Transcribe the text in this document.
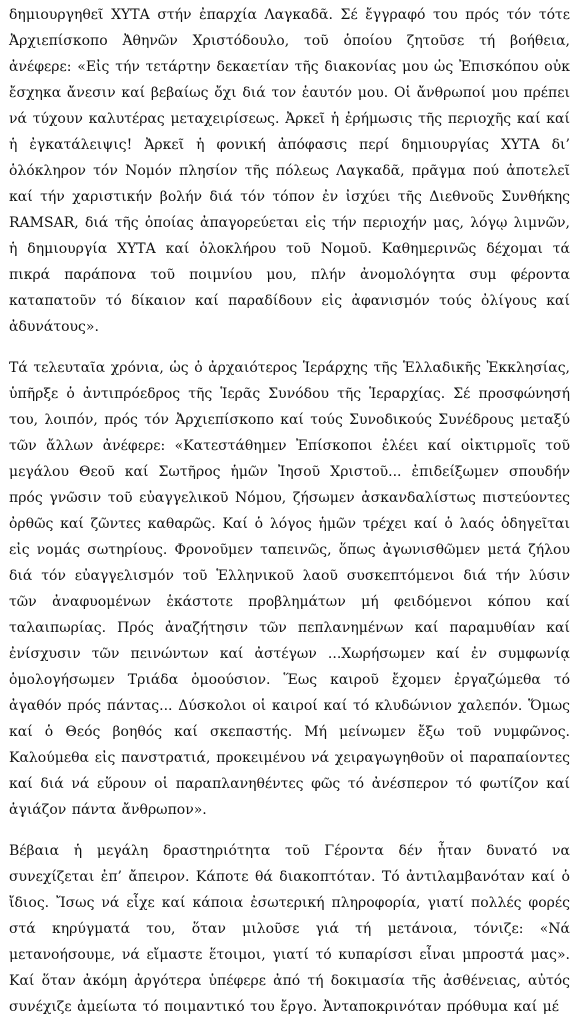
δημιουργηθεῖ ΧΥΤΑ στήν ἐπαρχία Λαγκαδᾶ. Σέ ἔγγραφό του πρός τόν τότε Ἀρχιεπίσκοπο Ἀθηνῶν Χριστόδουλο, τοῦ ὁποίου ζητοῦσε τή βοήθεια, ἀνέφερε: «Εἰς τήν τετάρτην δεκαετίαν τῆς διακονίας μου ὡς Ἐπισκόπου οὐκ ἔσχηκα ἄνεσιν καί βεβαίως ὄχι διά τον ἑαυτόν μου. Οἱ ἄνθρωποί μου πρέπει νά τύχουν καλυτέρας μεταχειρίσεως. Ἀρκεῖ ἡ ἐρήμωσις τῆς περιοχῆς καί καί ἡ ἐγκατάλειψις! Ἀρκεῖ ἡ φονική ἀπόφασις περί δημιουργίας ΧΥΤΑ δι’ ὁλόκληρον τόν Νομόν πλησίον τῆς πόλεως Λαγκαδᾶ, πρᾶγμα πού ἀποτελεῖ καί τήν χαριστικήν βολήν διά τόν τόπον ἐν ἰσχύει τῆς Διεθνοῦς Συνθήκης RAMSAR, διά τῆς ὁποίας ἀπαγορεύεται εἰς τήν περιοχήν μας, λόγῳ λιμνῶν, ἡ δημιουργία ΧΥΤΑ καί ὁλοκλήρου τοῦ Νομοῦ. Καθημερινῶς δέχομαι τά πικρά παράπονα τοῦ ποιμνίου μου, πλήν ἀνομολόγητα συμ φέροντα καταπατοῦν τό δίκαιον καί παραδίδουν εἰς ἀφανισμόν τούς ὀλίγους καί ἀδυνάτους».

Τά τελευταῖα χρόνια, ὡς ὁ ἀρχαιότερος Ἱεράρχης τῆς Ἑλλαδικῆς Ἐκκλησίας, ὑπῆρξε ὁ ἀντιπρόεδρος τῆς Ἱερᾶς Συνόδου τῆς Ἱεραρχίας. Σέ προσφώνησή του, λοιπόν, πρός τόν Ἀρχιεπίσκοπο καί τούς Συνοδικούς Συνέδρους μεταξύ τῶν ἄλλων ἀνέφερε: «Κατεστάθημεν Ἐπίσκοποι ἐλέει καί οἰκτιρμοῖς τοῦ μεγάλου Θεοῦ καί Σωτῆρος ἡμῶν Ἰησοῦ Χριστοῦ... ἐπιδείξωμεν σπουδήν πρός γνῶσιν τοῦ εὐαγγελικοῦ Νόμου, ζήσωμεν ἀσκανδαλίστως πιστεύοντες ὀρθῶς καί ζῶντες καθαρῶς. Καί ὁ λόγος ἡμῶν τρέχει καί ὁ λαός ὁδηγεῖται εἰς νομάς σωτηρίους. Φρονοῦμεν ταπεινῶς, ὅπως ἀγωνισθῶμεν μετά ζήλου διά τόν εὐαγγελισμόν τοῦ Ἑλληνικοῦ λαοῦ συσκεπτόμενοι διά τήν λύσιν τῶν ἀναφυομένων ἑκάστοτε προβλημάτων μή φειδόμενοι κόπου καί ταλαιπωρίας. Πρός ἀναζήτησιν τῶν πεπλανημένων καί παραμυθίαν καί ἐνίσχυσιν τῶν πεινώντων καί ἀστέγων ...Χωρήσωμεν καί ἐν συμφωνίᾳ ὁμολογήσωμεν Τριάδα ὁμοούσιον. Ἕως καιροῦ ἔχομεν ἐργαζώμεθα τό ἀγαθόν πρός πάντας... Δύσκολοι οἱ καιροί καί τό κλυδώνιον χαλεπόν. Ὅμως καί ὁ Θεός βοηθός καί σκεπαστής. Μή μείνωμεν ἔξω τοῦ νυμφῶνος. Καλούμεθα εἰς πανστρατιά, προκειμένου νά χειραγωγηθοῦν οἱ παραπαίοντες καί διά νά εὕρουν οἱ παραπλανηθέντες φῶς τό ἀνέσπερον τό φωτίζον καί ἁγιάζον πάντα ἄνθρωπον».

Βέβαια ἡ μεγάλη δραστηριότητα τοῦ Γέροντα δέν ἦταν δυνατό να συνεχίζεται ἐπ’ ἄπειρον. Κάποτε θά διακοπτόταν. Τό ἀντιλαμβανόταν καί ὁ ἴδιος. Ἴσως νά εἶχε καί κάποια ἐσωτερική πληροφορία, γιατί πολλές φορές στά κηρύγματά του, ὅταν μιλοῦσε γιά τή μετάνοια, τόνιζε: «Νά μετανοήσουμε, νά εἴμαστε ἕτοιμοι, γιατί τό κυπαρίσσι εἶναι μπροστά μας». Καί ὅταν ἀκόμη ἀργότερα ὑπέφερε ἀπό τή δοκιμασία τῆς ἀσθένειας, αὐτός συνέχιζε ἀμείωτα τό ποιμαντικό του ἔργο. Ἀνταποκρινόταν πρόθυμα καί μέ
